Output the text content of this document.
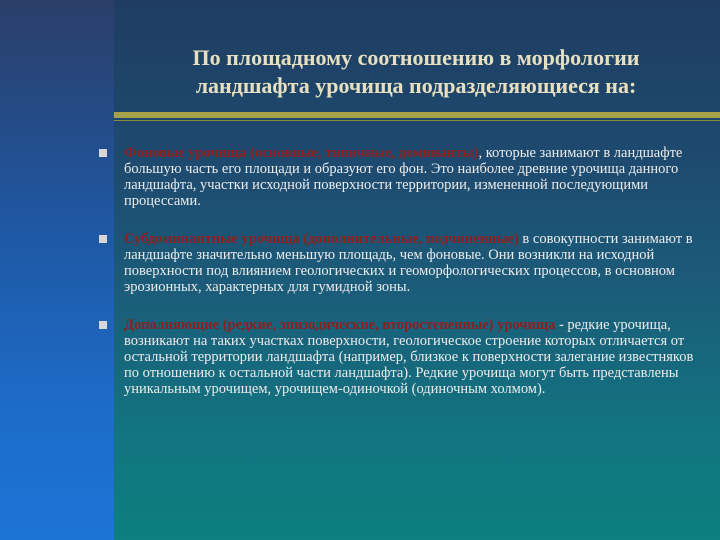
По площадному соотношению в морфологии
ландшафта урочища подразделяющиеся на:
Фоновые урочища (основные, типичные, доминанты), которые занимают в ландшафте большую часть его площади и образуют его фон. Это наиболее древние урочища данного ландшафта, участки исходной поверхности территории, измененной последующими процессами.
Субдоминантные урочища (дополнительные, подчиненные) в совокупности занимают в ландшафте значительно меньшую площадь, чем фоновые. Они возникли на исходной поверхности под влиянием геологических и геоморфологических процессов, в основном эрозионных, характерных для гумидной зоны.
Дополняющие (редкие, эпизодические, второстепенные) урочища - редкие урочища, возникают на таких участках поверхности, геологическое строение которых отличается от остальной территории ландшафта (например, близкое к поверхности залегание известняков по отношению к остальной части ландшафта). Редкие урочища могут быть представлены уникальным урочищем, урочищем-одиночкой (одиночным холмом).
